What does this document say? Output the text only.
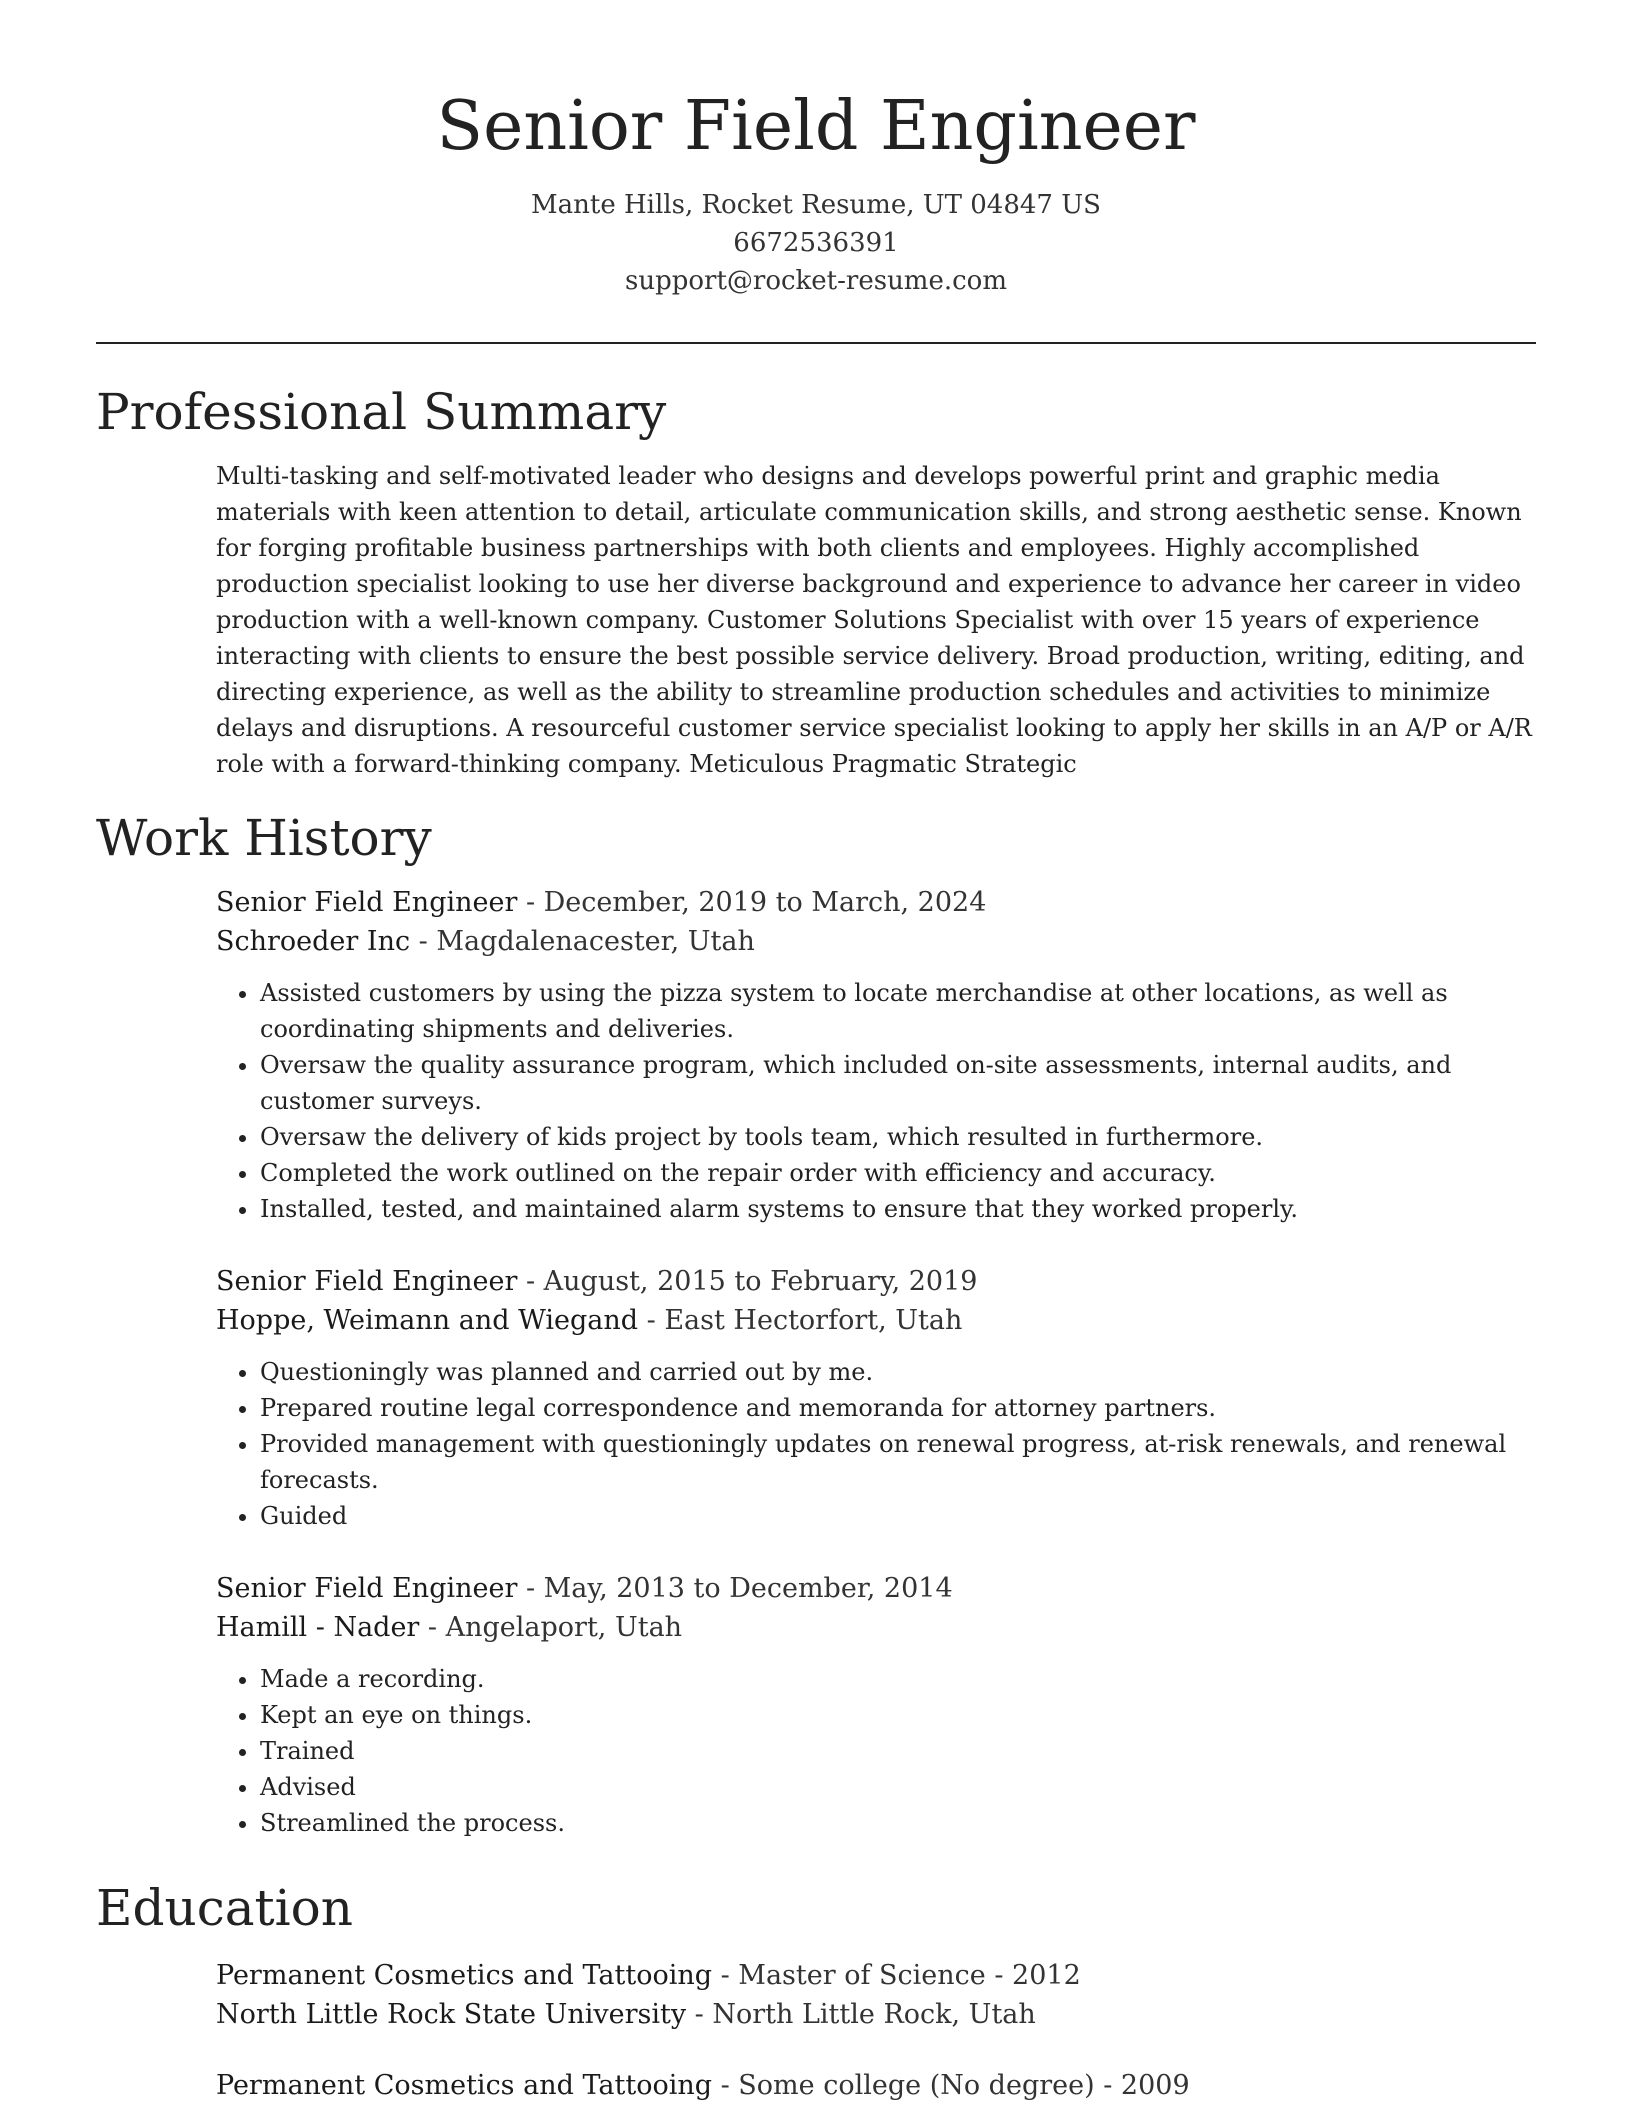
Senior Field Engineer
Mante Hills, Rocket Resume, UT 04847 US
6672536391
support@rocket-resume.com
Professional Summary

Multi-tasking and self-motivated leader who designs and develops powerful print and graphic media materials with keen attention to detail, articulate communication skills, and strong aesthetic sense. Known for forging profitable business partnerships with both clients and employees. Highly accomplished production specialist looking to use her diverse background and experience to advance her career in video production with a well-known company. Customer Solutions Specialist with over 15 years of experience interacting with clients to ensure the best possible service delivery. Broad production, writing, editing, and directing experience, as well as the ability to streamline production schedules and activities to minimize delays and disruptions. A resourceful customer service specialist looking to apply her skills in an A/P or A/R role with a forward-thinking company. Meticulous Pragmatic Strategic

Work History
Senior Field Engineer - December, 2019 to March, 2024
Schroeder Inc - Magdalenacester, Utah
• Assisted customers by using the pizza system to locate merchandise at other locations, as well as coordinating shipments and deliveries.
• Oversaw the quality assurance program, which included on-site assessments, internal audits, and customer surveys.
• Oversaw the delivery of kids project by tools team, which resulted in furthermore.
• Completed the work outlined on the repair order with efficiency and accuracy.
• Installed, tested, and maintained alarm systems to ensure that they worked properly.
Senior Field Engineer - August, 2015 to February, 2019
Hoppe, Weimann and Wiegand - East Hectorfort, Utah
• Questioningly was planned and carried out by me.
• Prepared routine legal correspondence and memoranda for attorney partners.
• Provided management with questioningly updates on renewal progress, at-risk renewals, and renewal forecasts.
• Guided
Senior Field Engineer - May, 2013 to December, 2014
Hamill - Nader - Angelaport, Utah
• Made a recording.
• Kept an eye on things.
• Trained
• Advised
• Streamlined the process.
Education
Permanent Cosmetics and Tattooing - Master of Science - 2012
North Little Rock State University - North Little Rock, Utah
Permanent Cosmetics and Tattooing - Some college (No degree) - 2009
